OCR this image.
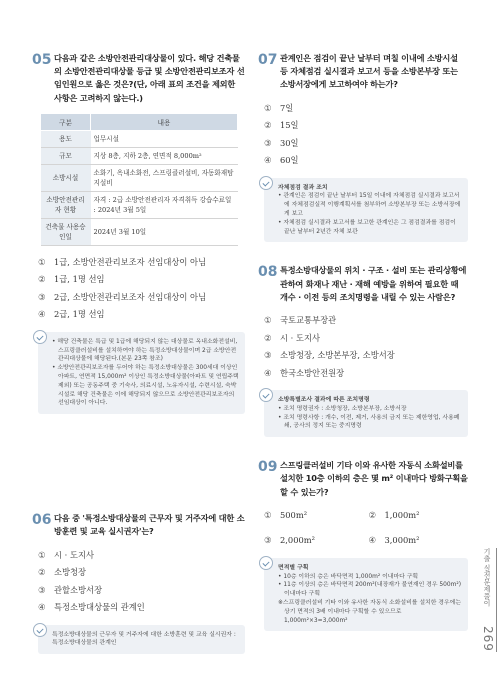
05 다음과 같은 소방안전관리대상물이 있다. 해당 건축물의 소방안전관리대상물 등급 및 소방안전관리보조자 선임인원으로 옳은 것은?(단, 아래 표의 조건을 제외한 사항은 고려하지 않는다.)
구분	내용
용도	업무시설
규모	지상 8층, 지하 2층, 연면적 8,000m²
소방시설	소화기, 옥내소화전, 스프링클러설비, 자동화재탐지설비
소방안전관리자 현황	자격 : 2급 소방안전관리자 자격취득 강습수료일 : 2024년 3월 5일
건축물 사용승인일	2024년 3월 10일
①	1급, 소방안전관리보조자 선임대상이 아님
②	1급, 1명 선임
③	2급, 소방안전관리보조자 선임대상이 아님
④	2급, 1명 선임
• 해당 건축물은 특급 및 1급에 해당되지 않는 대상물로 옥내소화전설비, 스프링클러설비를 설치하여야 하는 특정소방대상물이며 2급 소방안전관리대상물에 해당된다.(본문 23쪽 참조)
• 소방안전관리보조자를 두어야 하는 특정소방대상물은 300세대 이상인 아파트, 연면적 15,000m² 이상인 특정소방대상물(아파트 및 연립주택 제외) 또는 공동주택 중 기숙사, 의료시설, 노유자시설, 수련시설, 숙박시설로 해당 건축물은 이에 해당되지 않으므로 소방안전관리보조자의 선임대상이 아니다.
06 다음 중 '특정소방대상물의 근무자 및 거주자에 대한 소방훈련 및 교육 실시권자'는?
①	시 · 도지사
②	소방청장
③	관할소방서장
④	특정소방대상물의 관계인
특정소방대상물의 근무자 및 거주자에 대한 소방훈련 및 교육 실시권자 : 특정소방대상물의 관계인
07 관계인은 점검이 끝난 날부터 며칠 이내에 소방시설 등 자체점검 실시결과 보고서 등을 소방본부장 또는 소방서장에게 보고하여야 하는가?
①	7일
②	15일
③	30일
④	60일
자체점검 결과 조치
• 관계인은 점검이 끝난 날부터 15일 이내에 자체점검 실시결과 보고서에 자체점검실적 이행계획서를 첨부하여 소방본부장 또는 소방서장에게 보고
• 자체점검 실시결과 보고서를 보고한 관계인은 그 점검결과를 점검이 끝난 날부터 2년간 자체 보관
08 특정소방대상물의 위치 · 구조 · 설비 또는 관리상황에 관하여 화재나 재난 · 재해 예방을 위하여 필요한 때 개수 · 이전 등의 조치명령을 내릴 수 있는 사람은?
①	국토교통부장관
②	시 · 도지사
③	소방청장, 소방본부장, 소방서장
④	한국소방안전원장
소방특별조사 결과에 따른 조치명령
• 조치 명령권자 : 소방청장, 소방본부장, 소방서장
• 조치 명령사항 : 개수, 이전, 제거, 사용의 금지 또는 제한영업, 사용폐쇄, 공사의 정지 또는 중지명령
09 스프링클러설비 기타 이와 유사한 자동식 소화설비를 설치한 10층 이하의 층은 몇 m² 이내마다 방화구획을 할 수 있는가?
①	500m²	②	1,000m²
③	2,000m²	④	3,000m²
면적별 구획
• 10층 이하의 층은 바닥면적 1,000m² 이내마다 구획
• 11층 이상의 층은 바닥면적 200m²(내장재가 불연재인 경우 500m²) 이내마다 구획
※스프링클러설비 기타 이와 유사한 자동식 소화설비를 설치한 경우에는 상기 면적의 3배 이내마다 구획할 수 있으므로 1,000m²×3=3,000m²
기출 실전문제풀이
269
